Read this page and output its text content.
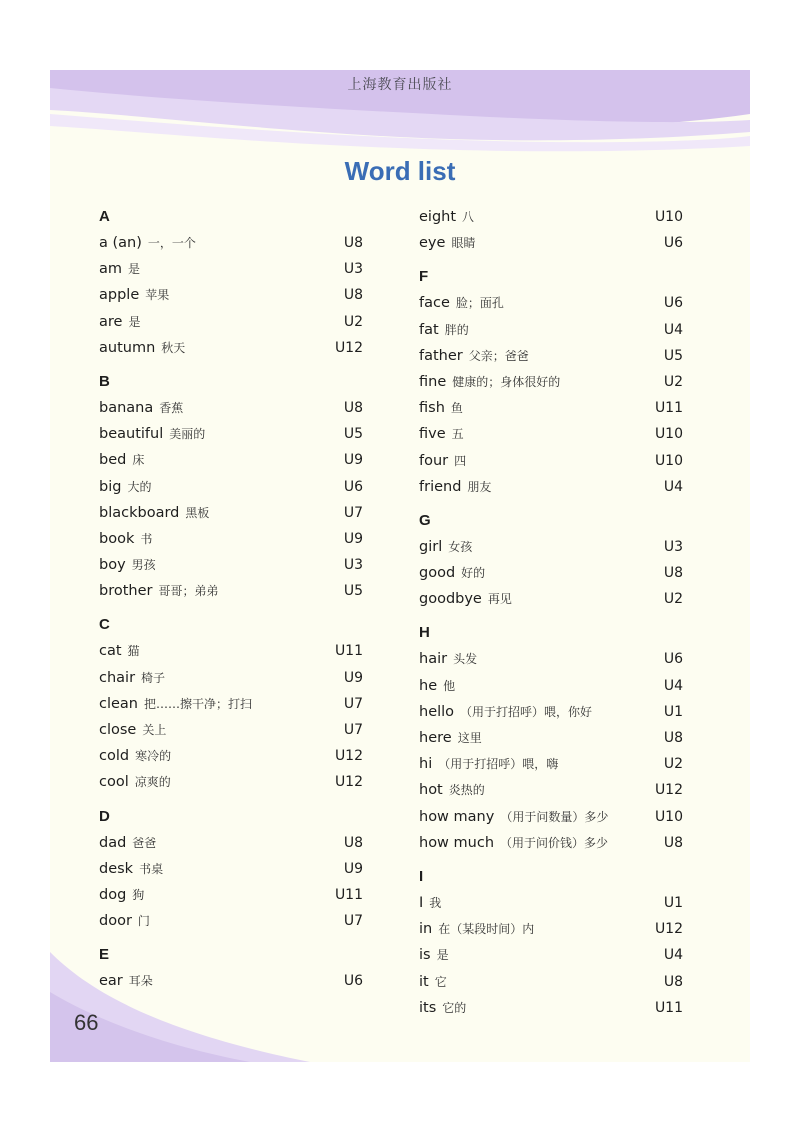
上海教育出版社
Word list
A
a (an) 一，一个	U8
am 是	U3
apple 苹果	U8
are 是	U2
autumn 秋天	U12
B
banana 香蕉	U8
beautiful 美丽的	U5
bed 床	U9
big 大的	U6
blackboard 黑板	U7
book 书	U9
boy 男孩	U3
brother 哥哥；弟弟	U5
C
cat 猫	U11
chair 椅子	U9
clean 把……擦干净；打扫	U7
close 关上	U7
cold 寒冷的	U12
cool 凉爽的	U12
D
dad 爸爸	U8
desk 书桌	U9
dog 狗	U11
door 门	U7
E
ear 耳朵	U6
eight 八	U10
eye 眼睛	U6
F
face 脸；面孔	U6
fat 胖的	U4
father 父亲；爸爸	U5
fine 健康的；身体很好的	U2
fish 鱼	U11
five 五	U10
four 四	U10
friend 朋友	U4
G
girl 女孩	U3
good 好的	U8
goodbye 再见	U2
H
hair 头发	U6
he 他	U4
hello （用于打招呼）喂，你好	U1
here 这里	U8
hi （用于打招呼）喂，嗨	U2
hot 炎热的	U12
how many （用于问数量）多少	U10
how much （用于问价钱）多少	U8
I
I 我	U1
in 在（某段时间）内	U12
is 是	U4
it 它	U8
its 它的	U11
66
